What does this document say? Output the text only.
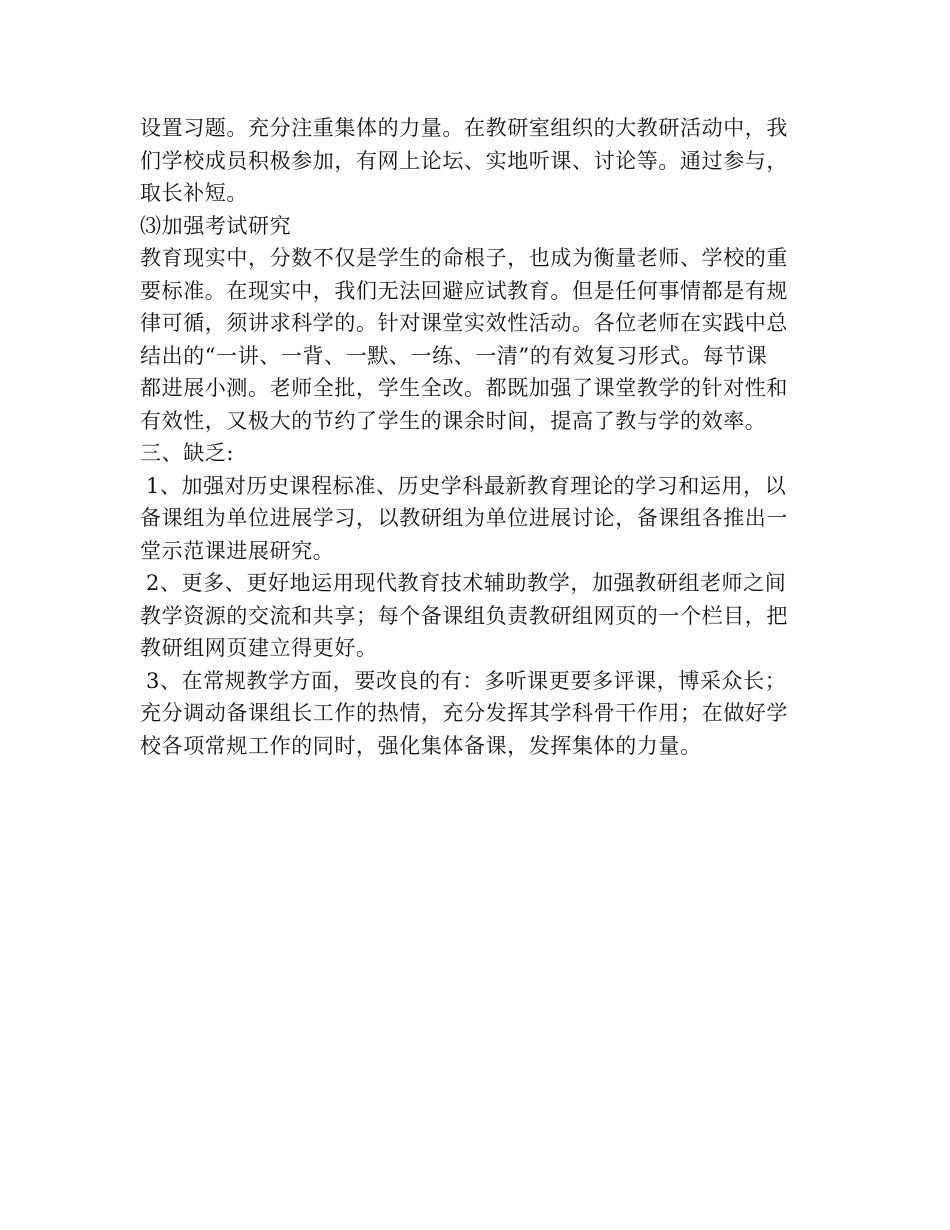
设置习题。充分注重集体的力量。在教研室组织的大教研活动中，我
们学校成员积极参加，有网上论坛、实地听课、讨论等。通过参与，
取长补短。
⑶加强考试研究
教育现实中，分数不仅是学生的命根子，也成为衡量老师、学校的重
要标准。在现实中，我们无法回避应试教育。但是任何事情都是有规
律可循，须讲求科学的。针对课堂实效性活动。各位老师在实践中总
结出的“一讲、一背、一默、一练、一清”的有效复习形式。每节课
都进展小测。老师全批，学生全改。都既加强了课堂教学的针对性和
有效性，又极大的节约了学生的课余时间，提高了教与学的效率。
三、缺乏:
1、加强对历史课程标准、历史学科最新教育理论的学习和运用，以
备课组为单位进展学习，以教研组为单位进展讨论，备课组各推出一
堂示范课进展研究。
2、更多、更好地运用现代教育技术辅助教学，加强教研组老师之间
教学资源的交流和共享；每个备课组负责教研组网页的一个栏目，把
教研组网页建立得更好。
3、在常规教学方面，要改良的有：多听课更要多评课，博采众长；
充分调动备课组长工作的热情，充分发挥其学科骨干作用；在做好学
校各项常规工作的同时，强化集体备课，发挥集体的力量。
